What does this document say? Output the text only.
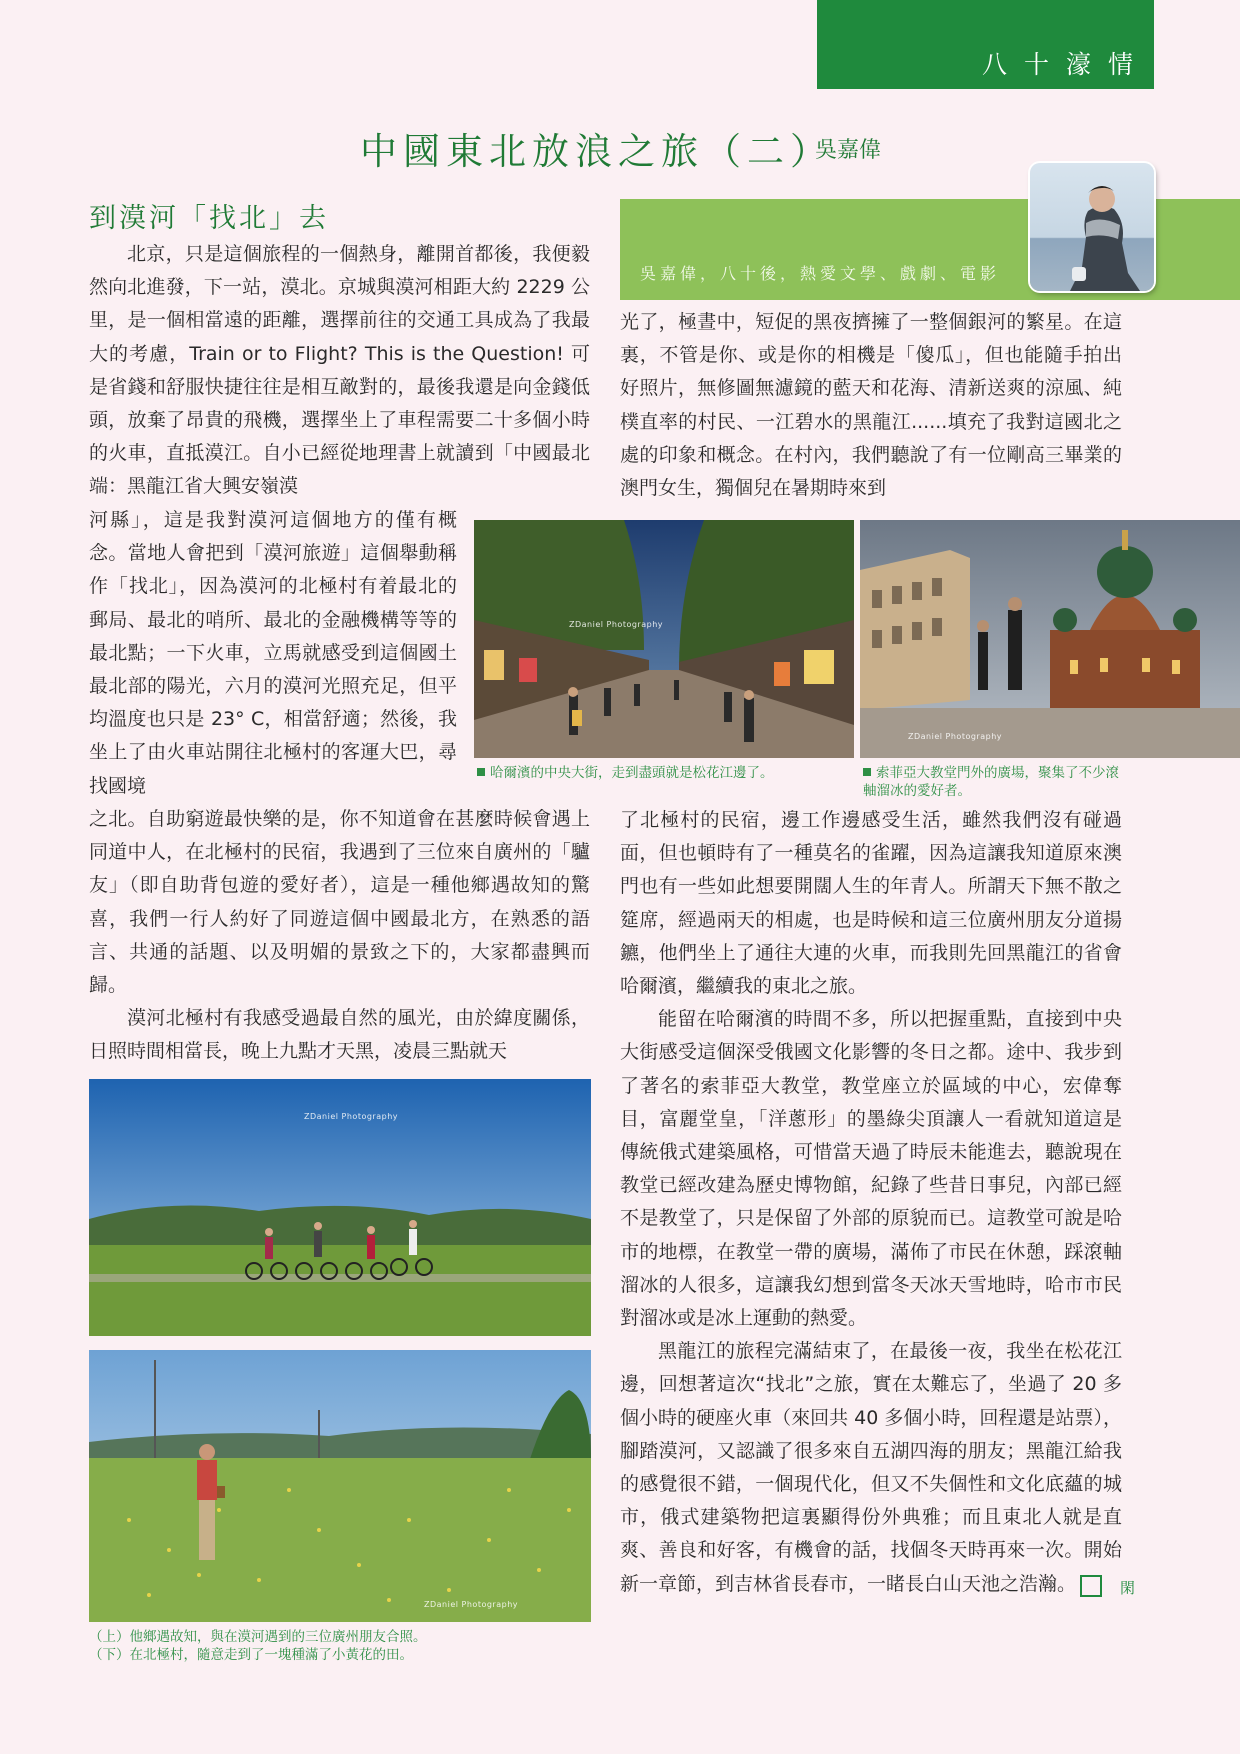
八十濠情
中國東北放浪之旅（二）
吳嘉偉
吳嘉偉，八十後，熱愛文學、戲劇、電影
到漠河「找北」去

北京，只是這個旅程的一個熱身，離開首都後，我便毅然向北進發，下一站，漠北。京城與漠河相距大約 2229 公里，是一個相當遠的距離，選擇前往的交通工具成為了我最大的考慮，Train or to Flight? This is the Question! 可是省錢和舒服快捷往往是相互敵對的，最後我還是向金錢低頭，放棄了昂貴的飛機，選擇坐上了車程需要二十多個小時的火車，直抵漠江。自小已經從地理書上就讀到「中國最北端：黑龍江省大興安嶺漠

河縣」，這是我對漠河這個地方的僅有概念。當地人會把到「漠河旅遊」這個舉動稱作「找北」，因為漠河的北極村有着最北的郵局、最北的哨所、最北的金融機構等等的最北點；一下火車，立馬就感受到這個國土最北部的陽光，六月的漠河光照充足，但平均溫度也只是 23° C，相當舒適；然後，我坐上了由火車站開往北極村的客運大巴，尋找國境

之北。自助窮遊最快樂的是，你不知道會在甚麼時候會遇上同道中人，在北極村的民宿，我遇到了三位來自廣州的「驢友」（即自助背包遊的愛好者），這是一種他鄉遇故知的驚喜，我們一行人約好了同遊這個中國最北方，在熟悉的語言、共通的話題、以及明媚的景致之下的，大家都盡興而歸。

漠河北極村有我感受過最自然的風光，由於緯度關係，日照時間相當長，晚上九點才天黑，凌晨三點就天

光了，極晝中，短促的黑夜擠擁了一整個銀河的繁星。在這裏，不管是你、或是你的相機是「傻瓜」，但也能隨手拍出好照片，無修圖無濾鏡的藍天和花海、清新送爽的涼風、純樸直率的村民、一江碧水的黑龍江......填充了我對這國北之處的印象和概念。在村內，我們聽說了有一位剛高三畢業的澳門女生，獨個兒在暑期時來到

了北極村的民宿，邊工作邊感受生活，雖然我們沒有碰過面，但也頓時有了一種莫名的雀躍，因為這讓我知道原來澳門也有一些如此想要開闊人生的年青人。所謂天下無不散之筵席，經過兩天的相處，也是時候和這三位廣州朋友分道揚鑣，他們坐上了通往大連的火車，而我則先回黑龍江的省會哈爾濱，繼續我的東北之旅。

能留在哈爾濱的時間不多，所以把握重點，直接到中央大街感受這個深受俄國文化影響的冬日之都。途中、我步到了著名的索菲亞大教堂，教堂座立於區域的中心，宏偉奪目，富麗堂皇，「洋蔥形」的墨綠尖頂讓人一看就知道這是傳統俄式建築風格，可惜當天過了時辰未能進去，聽說現在教堂已經改建為歷史博物館，紀錄了些昔日事兒，內部已經不是教堂了，只是保留了外部的原貌而已。這教堂可說是哈市的地標，在教堂一帶的廣場，滿佈了市民在休憩，踩滾軸溜冰的人很多，這讓我幻想到當冬天冰天雪地時，哈市市民對溜冰或是冰上運動的熱愛。

黑龍江的旅程完滿結束了，在最後一夜，我坐在松花江邊，回想著這次“找北”之旅，實在太難忘了，坐過了 20 多個小時的硬座火車（來回共 40 多個小時，回程還是站票），腳踏漠河，又認識了很多來自五湖四海的朋友；黑龍江給我的感覺很不錯，一個現代化，但又不失個性和文化底蘊的城市，俄式建築物把這裏顯得份外典雅；而且東北人就是直爽、善良和好客，有機會的話，找個冬天時再來一次。開始新一章節，到吉林省長春市，一睹長白山天池之浩瀚。	閑

ZDaniel Photography
哈爾濱的中央大街，走到盡頭就是松花江邊了。
ZDaniel Photography
索菲亞大教堂門外的廣場，聚集了不少滾軸溜冰的愛好者。
ZDaniel Photography
ZDaniel Photography
（上）他鄉遇故知，與在漠河遇到的三位廣州朋友合照。
（下）在北極村，隨意走到了一塊種滿了小黃花的田。
